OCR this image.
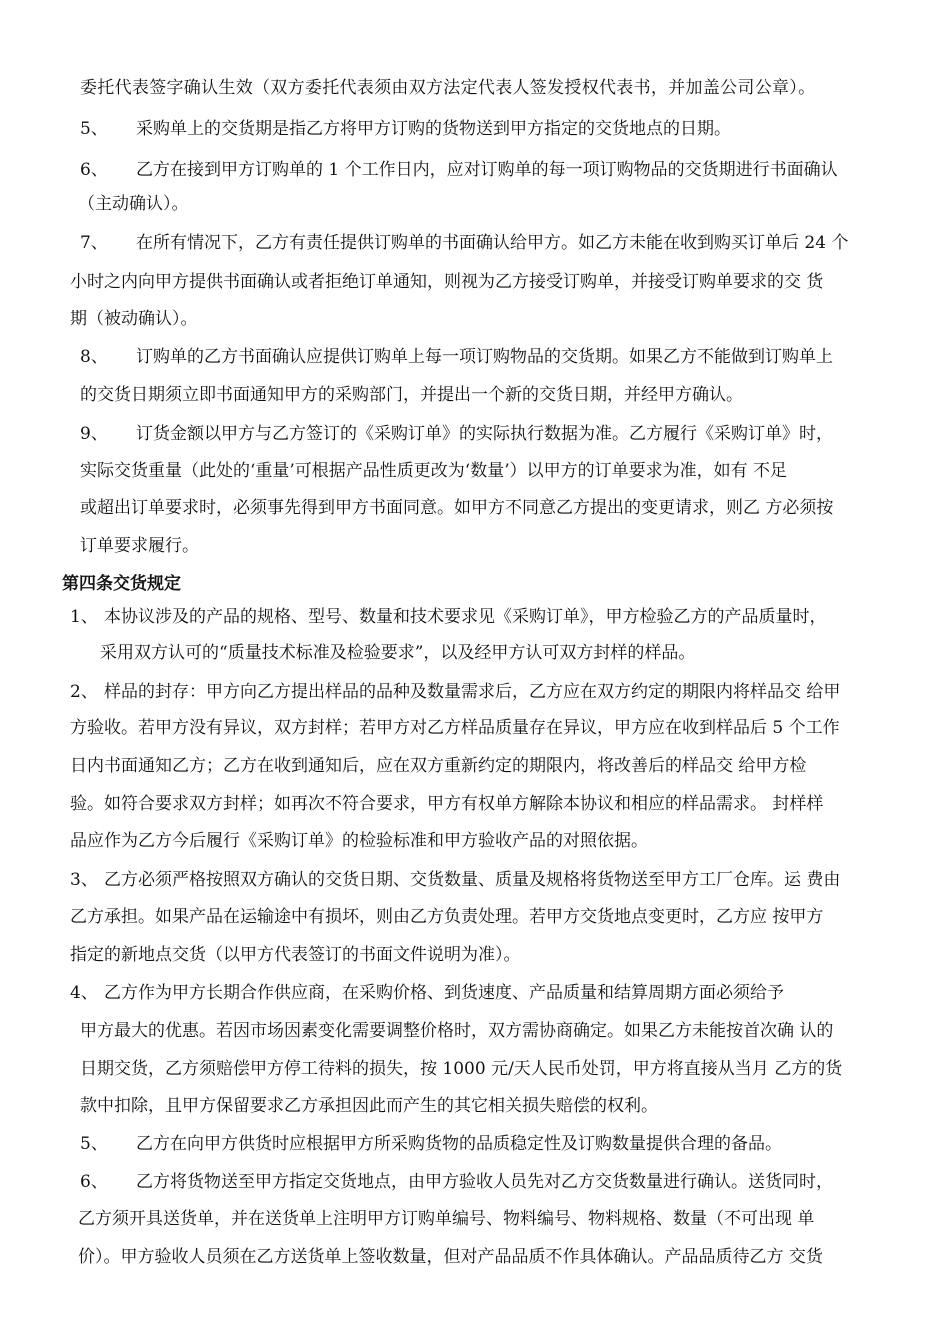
委托代表签字确认生效（双方委托代表须由双方法定代表人签发授权代表书，并加盖公司公章）。
5、 采购单上的交货期是指乙方将甲方订购的货物送到甲方指定的交货地点的日期。
6、 乙方在接到甲方订购单的 1 个工作日内，应对订购单的每一项订购物品的交货期进行书面确认
（主动确认）。
7、 在所有情况下，乙方有责任提供订购单的书面确认给甲方。如乙方未能在收到购买订单后 24 个
小时之内向甲方提供书面确认或者拒绝订单通知，则视为乙方接受订购单，并接受订购单要求的交 货
期（被动确认）。
8、 订购单的乙方书面确认应提供订购单上每一项订购物品的交货期。如果乙方不能做到订购单上
的交货日期须立即书面通知甲方的采购部门，并提出一个新的交货日期，并经甲方确认。
9、 订货金额以甲方与乙方签订的《采购订单》的实际执行数据为准。乙方履行《采购订单》时，
实际交货重量（此处的‘重量’可根据产品性质更改为‘数量’）以甲方的订单要求为准，如有 不足
或超出订单要求时，必须事先得到甲方书面同意。如甲方不同意乙方提出的变更请求，则乙 方必须按
订单要求履行。
第四条交货规定
1、 本协议涉及的产品的规格、型号、数量和技术要求见《采购订单》，甲方检验乙方的产品质量时，
采用双方认可的“质量技术标准及检验要求”，以及经甲方认可双方封样的样品。
2、 样品的封存：甲方向乙方提出样品的品种及数量需求后，乙方应在双方约定的期限内将样品交 给甲
方验收。若甲方没有异议，双方封样；若甲方对乙方样品质量存在异议，甲方应在收到样品后 5 个工作
日内书面通知乙方；乙方在收到通知后，应在双方重新约定的期限内，将改善后的样品交 给甲方检
验。如符合要求双方封样；如再次不符合要求，甲方有权单方解除本协议和相应的样品需求。 封样样
品应作为乙方今后履行《采购订单》的检验标准和甲方验收产品的对照依据。
3、 乙方必须严格按照双方确认的交货日期、交货数量、质量及规格将货物送至甲方工厂仓库。运 费由
乙方承担。如果产品在运输途中有损坏，则由乙方负责处理。若甲方交货地点变更时，乙方应 按甲方
指定的新地点交货（以甲方代表签订的书面文件说明为准）。
4、 乙方作为甲方长期合作供应商，在采购价格、到货速度、产品质量和结算周期方面必须给予
甲方最大的优惠。若因市场因素变化需要调整价格时，双方需协商确定。如果乙方未能按首次确 认的
日期交货，乙方须赔偿甲方停工待料的损失，按 1000 元/天人民币处罚，甲方将直接从当月 乙方的货
款中扣除，且甲方保留要求乙方承担因此而产生的其它相关损失赔偿的权利。
5、 乙方在向甲方供货时应根据甲方所采购货物的品质稳定性及订购数量提供合理的备品。
6、 乙方将货物送至甲方指定交货地点，由甲方验收人员先对乙方交货数量进行确认。送货同时，
乙方须开具送货单，并在送货单上注明甲方订购单编号、物料编号、物料规格、数量（不可出现 单
价）。甲方验收人员须在乙方送货单上签收数量，但对产品品质不作具体确认。产品品质待乙方 交货
